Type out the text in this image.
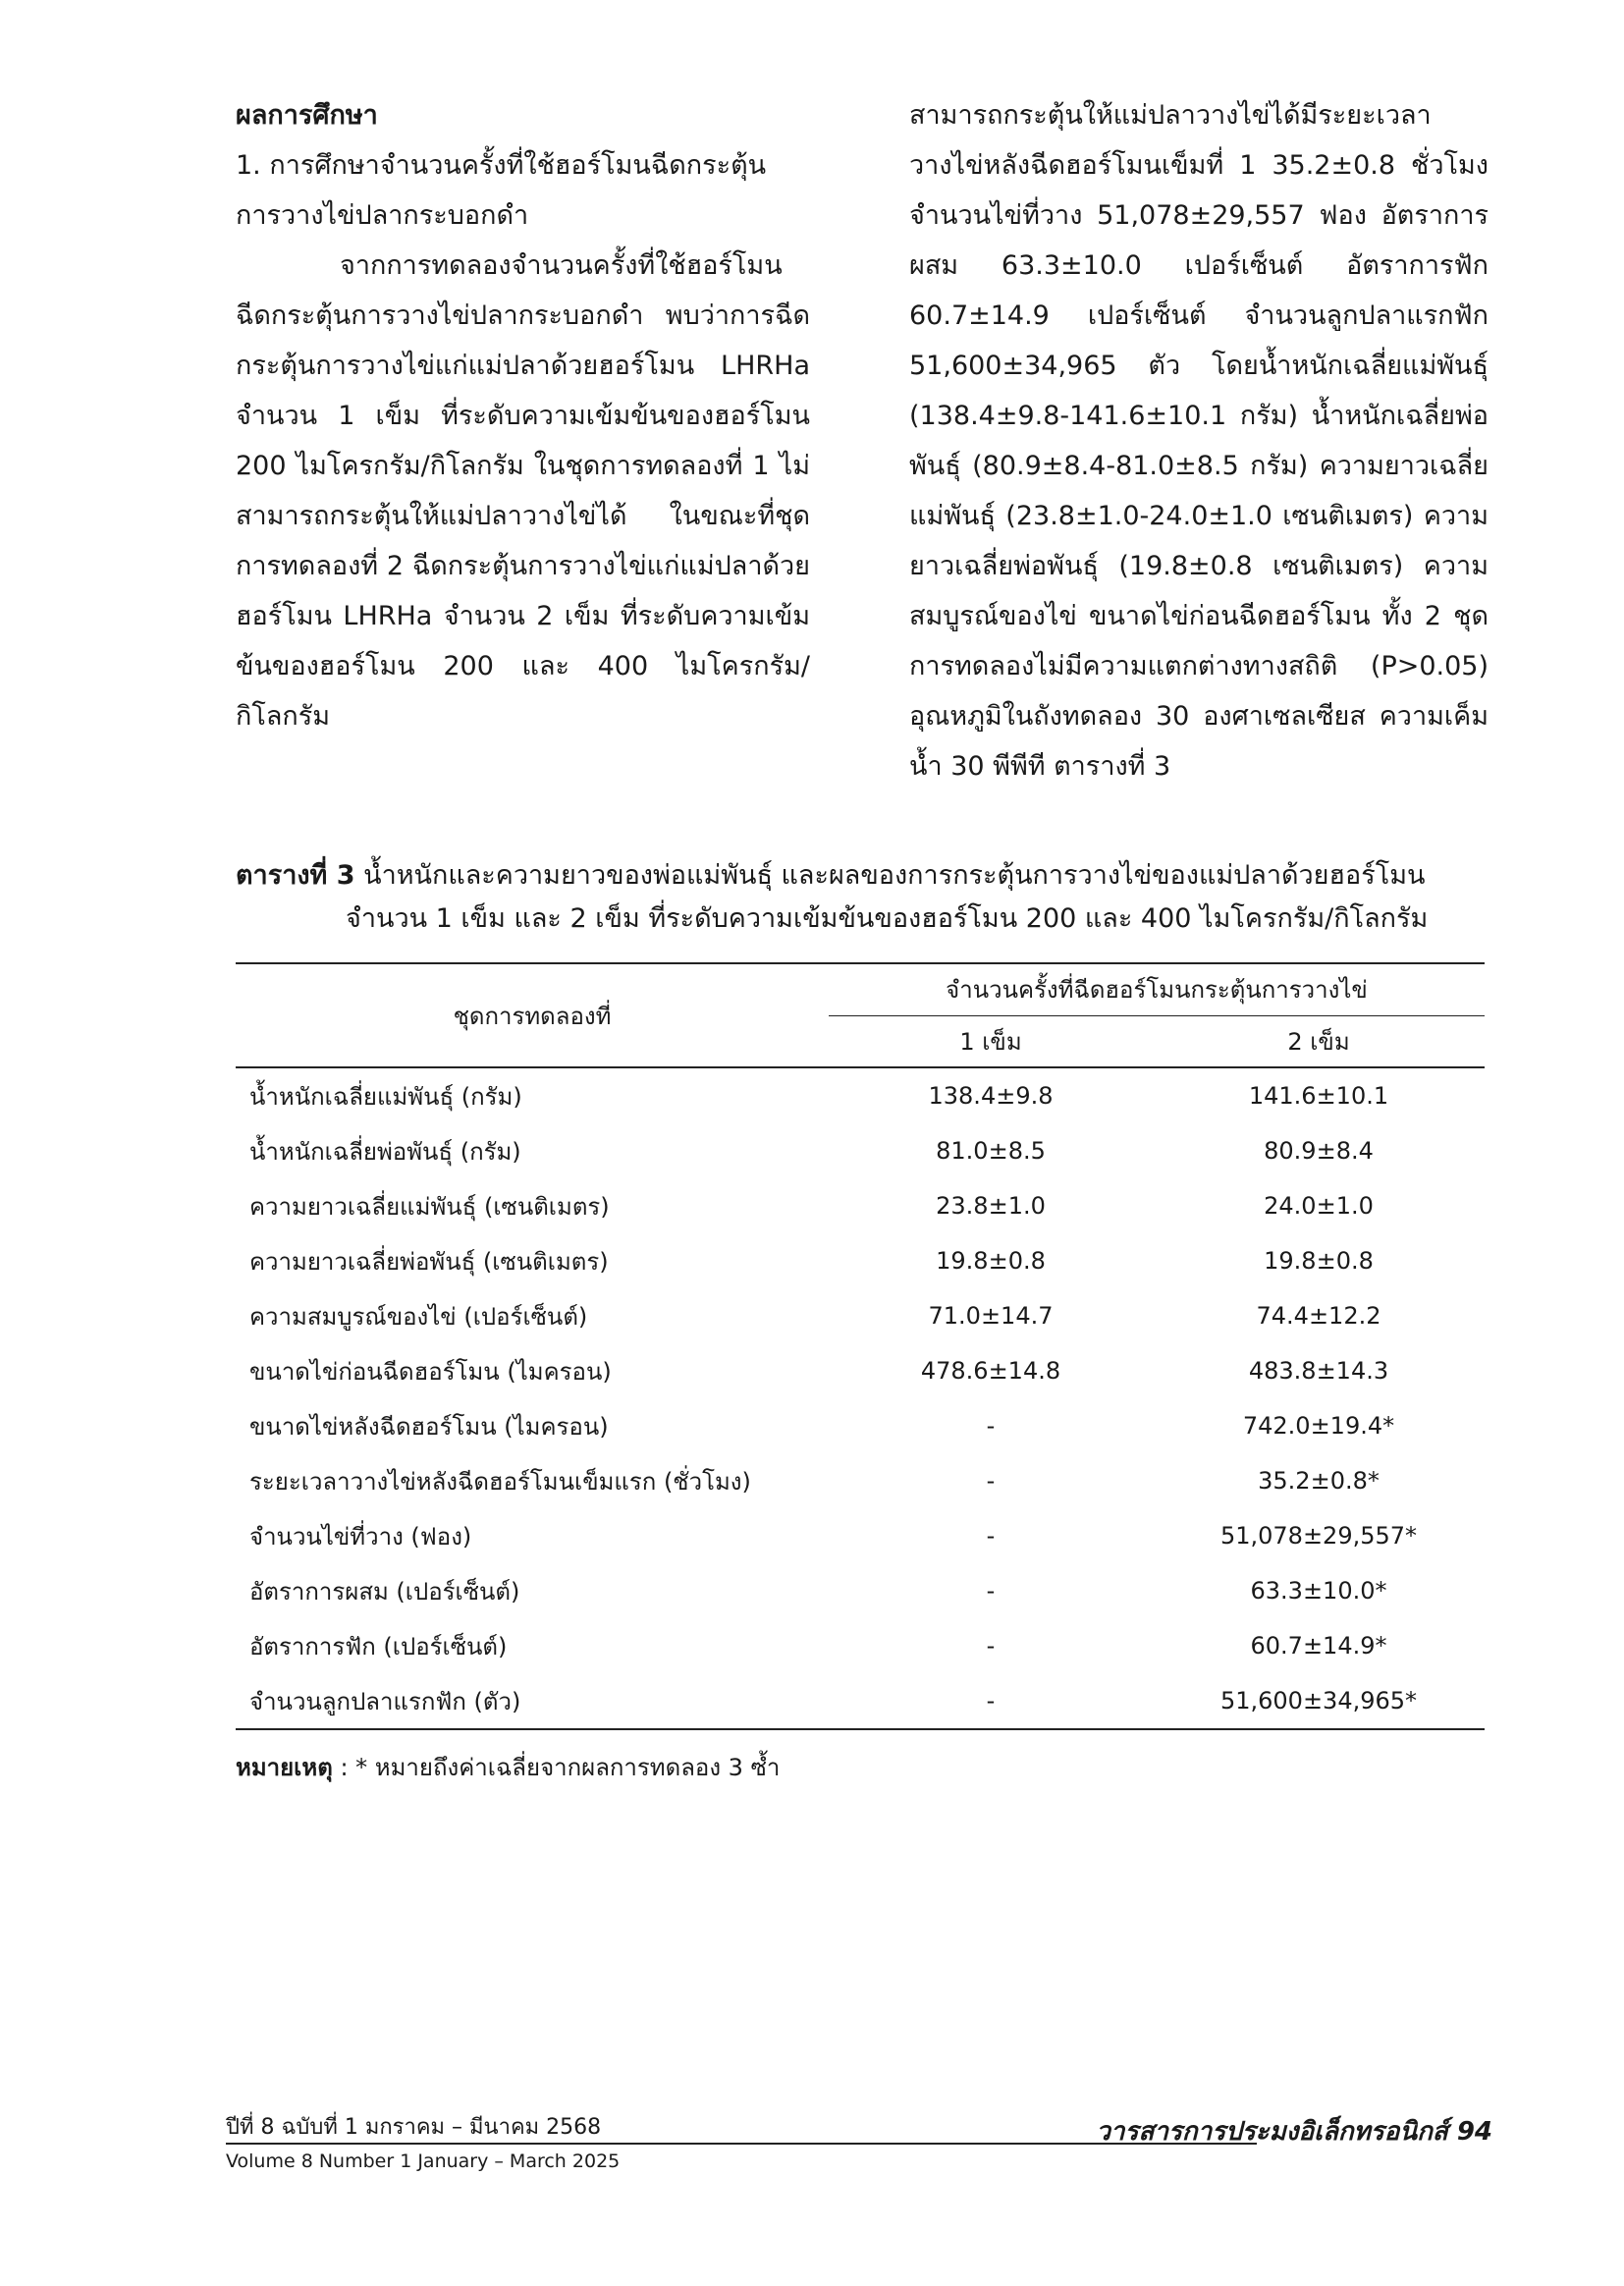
ผลการศึกษา
1. การศึกษาจำนวนครั้งที่ใช้ฮอร์โมนฉีดกระตุ้นการวางไข่ปลากระบอกดำ
จากการทดลองจำนวนครั้งที่ใช้ฮอร์โมนฉีดกระตุ้นการวางไข่ปลากระบอกดำ พบว่าการฉีดกระตุ้นการวางไข่แก่แม่ปลาด้วยฮอร์โมน LHRHa จำนวน 1 เข็ม ที่ระดับความเข้มข้นของฮอร์โมน 200 ไมโครกรัม/กิโลกรัม ในชุดการทดลองที่ 1 ไม่สามารถกระตุ้นให้แม่ปลาวางไข่ได้ ในขณะที่ชุดการทดลองที่ 2 ฉีดกระตุ้นการวางไข่แก่แม่ปลาด้วยฮอร์โมน LHRHa จำนวน 2 เข็ม ที่ระดับความเข้มข้นของฮอร์โมน 200 และ 400 ไมโครกรัม/กิโลกรัม
สามารถกระตุ้นให้แม่ปลาวางไข่ได้มีระยะเวลาวางไข่หลังฉีดฮอร์โมนเข็มที่ 1 35.2±0.8 ชั่วโมง จำนวนไข่ที่วาง 51,078±29,557 ฟอง อัตราการผสม 63.3±10.0 เปอร์เซ็นต์ อัตราการฟัก 60.7±14.9 เปอร์เซ็นต์ จำนวนลูกปลาแรกฟัก 51,600±34,965 ตัว โดยน้ำหนักเฉลี่ยแม่พันธุ์ (138.4±9.8-141.6±10.1 กรัม) น้ำหนักเฉลี่ยพ่อพันธุ์ (80.9±8.4-81.0±8.5 กรัม) ความยาวเฉลี่ยแม่พันธุ์ (23.8±1.0-24.0±1.0 เซนติเมตร) ความยาวเฉลี่ยพ่อพันธุ์ (19.8±0.8 เซนติเมตร) ความสมบูรณ์ของไข่ ขนาดไข่ก่อนฉีดฮอร์โมน ทั้ง 2 ชุดการทดลองไม่มีความแตกต่างทางสถิติ (P>0.05) อุณหภูมิในถังทดลอง 30 องศาเซลเซียส ความเค็มน้ำ 30 พีพีที ตารางที่ 3
ตารางที่ 3 น้ำหนักและความยาวของพ่อแม่พันธุ์ และผลของการกระตุ้นการวางไข่ของแม่ปลาด้วยฮอร์โมน
จำนวน 1 เข็ม และ 2 เข็ม ที่ระดับความเข้มข้นของฮอร์โมน 200 และ 400 ไมโครกรัม/กิโลกรัม
ชุดการทดลองที่	จำนวนครั้งที่ฉีดฮอร์โมนกระตุ้นการวางไข่	
	1 เข็ม	2 เข็ม
น้ำหนักเฉลี่ยแม่พันธุ์ (กรัม)	138.4±9.8	141.6±10.1
น้ำหนักเฉลี่ยพ่อพันธุ์ (กรัม)	81.0±8.5	80.9±8.4
ความยาวเฉลี่ยแม่พันธุ์ (เซนติเมตร)	23.8±1.0	24.0±1.0
ความยาวเฉลี่ยพ่อพันธุ์ (เซนติเมตร)	19.8±0.8	19.8±0.8
ความสมบูรณ์ของไข่ (เปอร์เซ็นต์)	71.0±14.7	74.4±12.2
ขนาดไข่ก่อนฉีดฮอร์โมน (ไมครอน)	478.6±14.8	483.8±14.3
ขนาดไข่หลังฉีดฮอร์โมน (ไมครอน)	-	742.0±19.4*
ระยะเวลาวางไข่หลังฉีดฮอร์โมนเข็มแรก (ชั่วโมง)	-	35.2±0.8*
จำนวนไข่ที่วาง (ฟอง)	-	51,078±29,557*
อัตราการผสม (เปอร์เซ็นต์)	-	63.3±10.0*
อัตราการฟัก (เปอร์เซ็นต์)	-	60.7±14.9*
จำนวนลูกปลาแรกฟัก (ตัว)	-	51,600±34,965*
หมายเหตุ : * หมายถึงค่าเฉลี่ยจากผลการทดลอง 3 ซ้ำ
ปีที่ 8 ฉบับที่ 1 มกราคม – มีนาคม 2568
Volume 8 Number 1 January – March 2025
วารสารการประมงอิเล็กทรอนิกส์ 94
